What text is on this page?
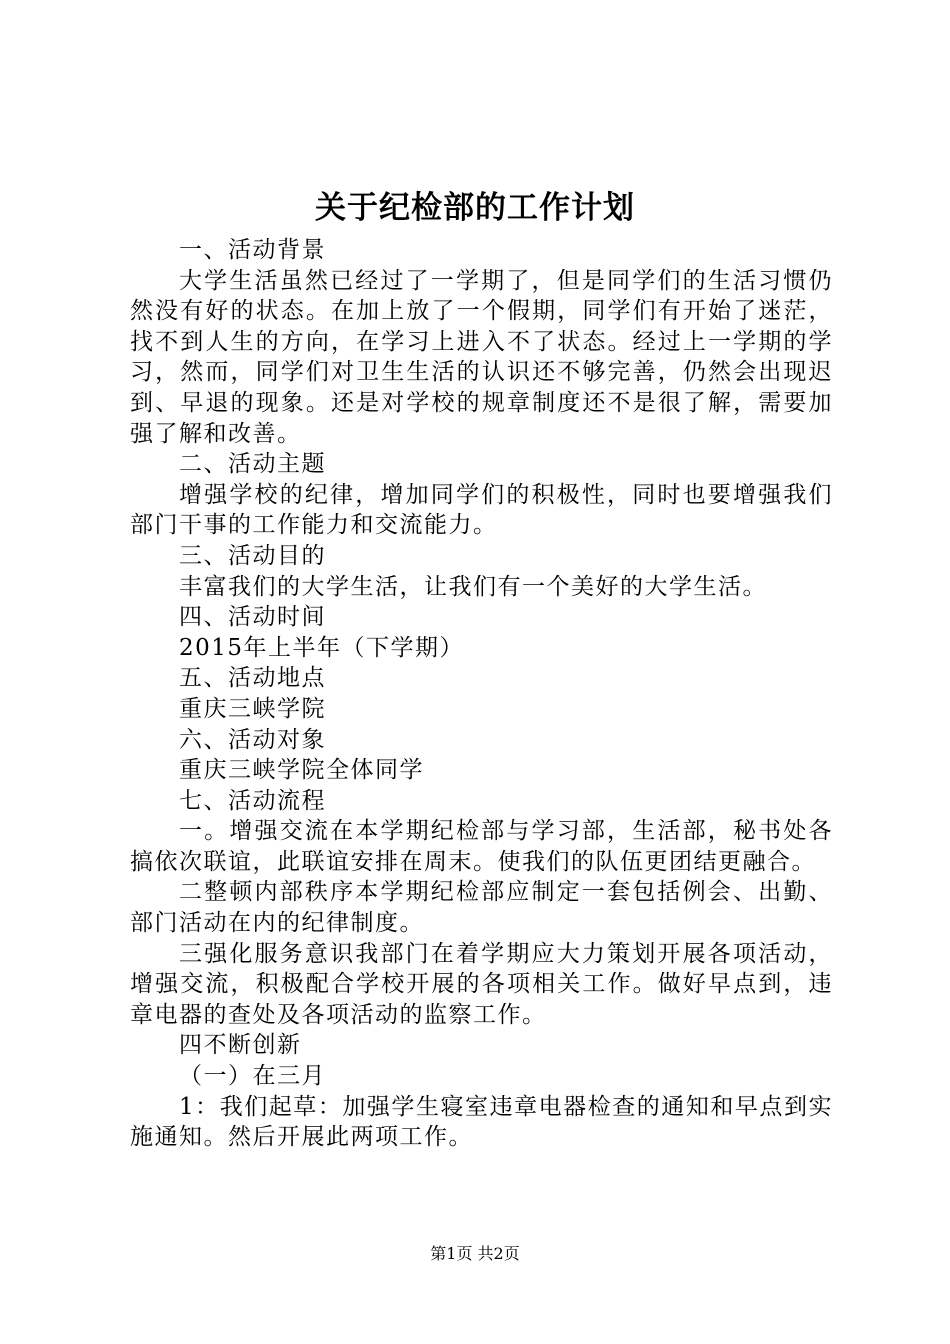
关于纪检部的工作计划

一、活动背景

大学生活虽然已经过了一学期了，但是同学们的生活习惯仍然没有好的状态。在加上放了一个假期，同学们有开始了迷茫，找不到人生的方向，在学习上进入不了状态。经过上一学期的学习，然而，同学们对卫生生活的认识还不够完善，仍然会出现迟到、早退的现象。还是对学校的规章制度还不是很了解，需要加强了解和改善。

二、活动主题

增强学校的纪律，增加同学们的积极性，同时也要增强我们部门干事的工作能力和交流能力。

三、活动目的

丰富我们的大学生活，让我们有一个美好的大学生活。

四、活动时间

2015年上半年（下学期）

五、活动地点

重庆三峡学院

六、活动对象

重庆三峡学院全体同学

七、活动流程

一。增强交流在本学期纪检部与学习部，生活部，秘书处各搞依次联谊，此联谊安排在周末。使我们的队伍更团结更融合。

二整顿内部秩序本学期纪检部应制定一套包括例会、出勤、部门活动在内的纪律制度。

三强化服务意识我部门在着学期应大力策划开展各项活动，增强交流，积极配合学校开展的各项相关工作。做好早点到，违章电器的查处及各项活动的监察工作。

四不断创新

（一）在三月

1：我们起草：加强学生寝室违章电器检查的通知和早点到实施通知。然后开展此两项工作。

第1页 共2页
